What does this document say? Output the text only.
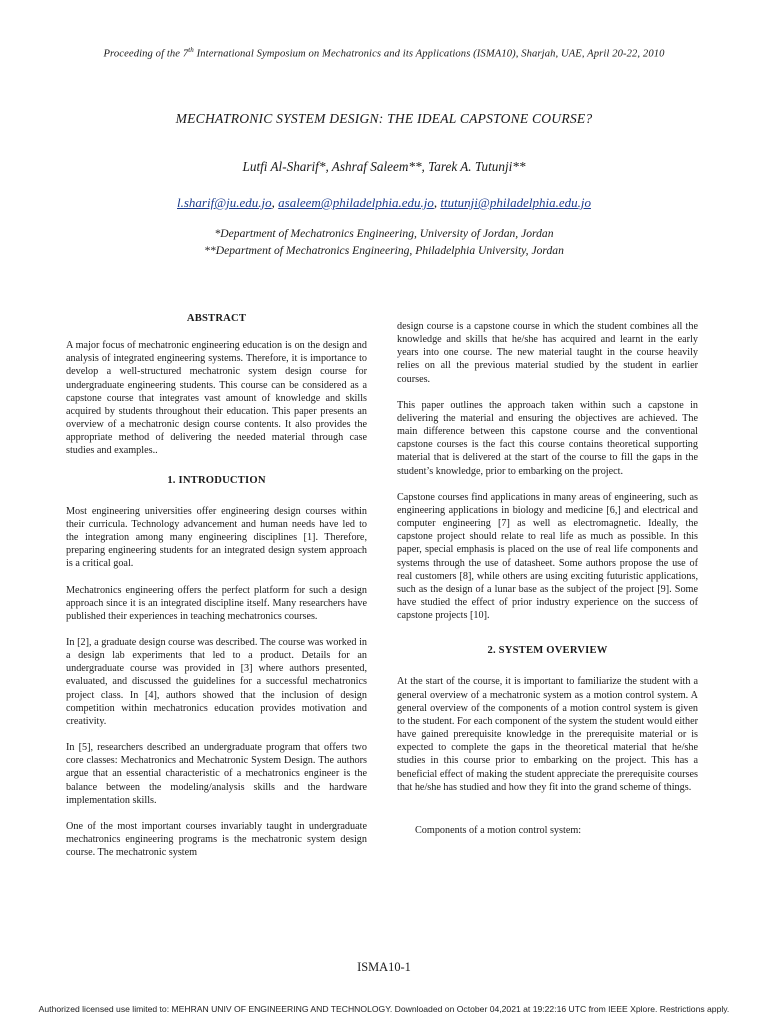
Proceeding of the 7th International Symposium on Mechatronics and its Applications (ISMA10), Sharjah, UAE, April 20-22, 2010
MECHATRONIC SYSTEM DESIGN: THE IDEAL CAPSTONE COURSE?
Lutfi Al-Sharif*, Ashraf Saleem**, Tarek A. Tutunji**
l.sharif@ju.edu.jo, asaleem@philadelphia.edu.jo, ttutunji@philadelphia.edu.jo
*Department of Mechatronics Engineering, University of Jordan, Jordan
**Department of Mechatronics Engineering, Philadelphia University, Jordan
ABSTRACT

A major focus of mechatronic engineering education is on the design and analysis of integrated engineering systems. Therefore, it is importance to develop a well-structured mechatronic system design course for undergraduate engineering students. This course can be considered as a capstone course that integrates vast amount of knowledge and skills acquired by students throughout their education. This paper presents an overview of a mechatronic design course contents. It also provides the appropriate method of delivering the needed material through case studies and examples..

1. INTRODUCTION

Most engineering universities offer engineering design courses within their curricula. Technology advancement and human needs have led to the integration among many engineering disciplines [1]. Therefore, preparing engineering students for an integrated design system approach is a critical goal.

Mechatronics engineering offers the perfect platform for such a design approach since it is an integrated discipline itself. Many researchers have published their experiences in teaching mechatronics courses.

In [2], a graduate design course was described. The course was worked in a design lab experiments that led to a product. Details for an undergraduate course was provided in [3] where authors presented, evaluated, and discussed the guidelines for a successful mechatronics project class. In [4], authors showed that the inclusion of design competition within mechatronics education provides motivation and creativity.

In [5], researchers described an undergraduate program that offers two core classes: Mechatronics and Mechatronic System Design. The authors argue that an essential characteristic of a mechatronics engineer is the balance between the modeling/analysis skills and the hardware implementation skills.

One of the most important courses invariably taught in undergraduate mechatronics engineering programs is the mechatronic system design course. The mechatronic system

design course is a capstone course in which the student combines all the knowledge and skills that he/she has acquired and learnt in the early years into one course. The new material taught in the course heavily relies on all the previous material studied by the student in earlier courses.

This paper outlines the approach taken within such a capstone in delivering the material and ensuring the objectives are achieved. The main difference between this capstone course and the conventional capstone courses is the fact this course contains theoretical supporting material that is delivered at the start of the course to fill the gaps in the student’s knowledge, prior to embarking on the project.

Capstone courses find applications in many areas of engineering, such as engineering applications in biology and medicine [6,] and electrical and computer engineering [7] as well as electromagnetic. Ideally, the capstone project should relate to real life as much as possible. In this paper, special emphasis is placed on the use of real life components and systems through the use of datasheet. Some authors propose the use of real customers [8], while others are using exciting futuristic applications, such as the design of a lunar base as the subject of the project [9]. Some have studied the effect of prior industry experience on the success of capstone projects [10].

2. SYSTEM OVERVIEW

At the start of the course, it is important to familiarize the student with a general overview of a mechatronic system as a motion control system. A general overview of the components of a motion control system is given to the student. For each component of the system the student would either have gained prerequisite knowledge in the prerequisite material or is expected to complete the gaps in the theoretical material that he/she studies in this course prior to embarking on the project. This has a beneficial effect of making the student appreciate the prerequisite courses that he/she has studied and how they fit into the grand scheme of things.

Components of a motion control system:

ISMA10-1
Authorized licensed use limited to: MEHRAN UNIV OF ENGINEERING AND TECHNOLOGY. Downloaded on October 04,2021 at 19:22:16 UTC from IEEE Xplore. Restrictions apply.
